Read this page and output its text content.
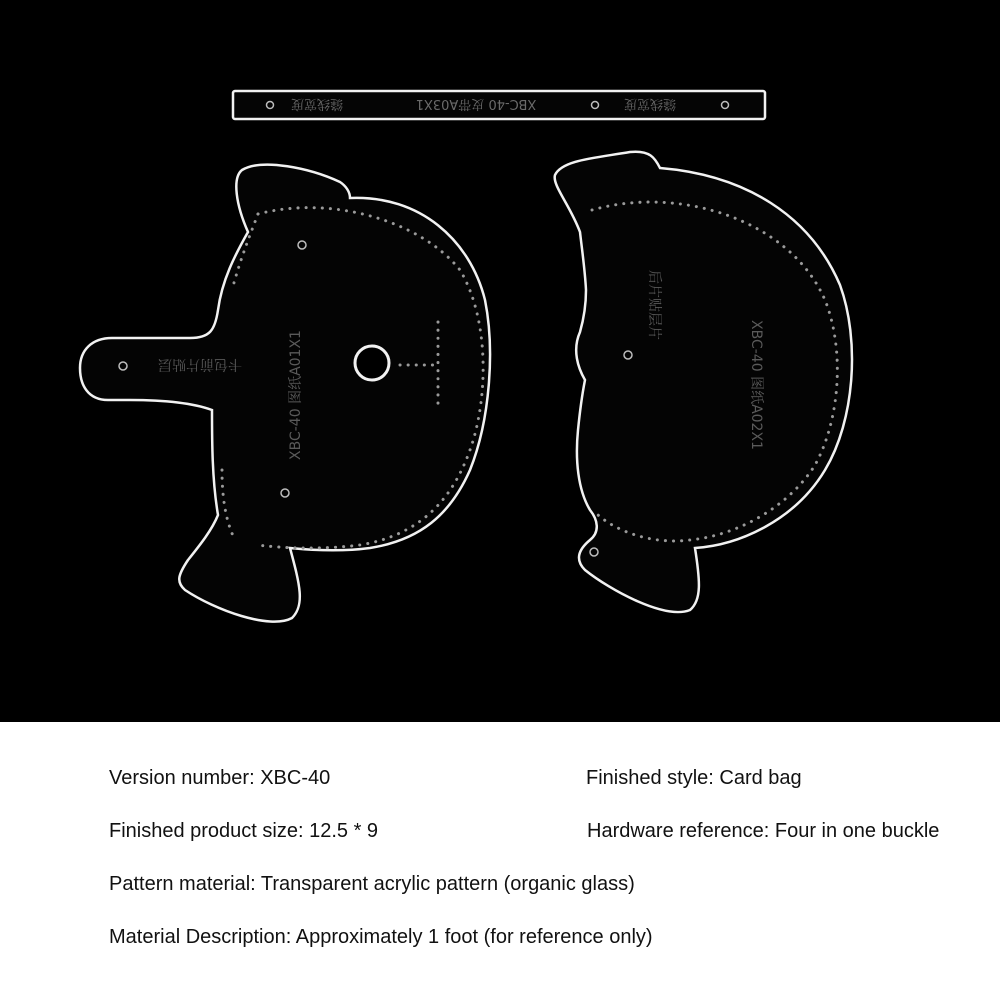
缝线宽度	XBC-40 皮带A03X1	缝线宽度
XBC-40 图纸A01X1
卡包前片贴层	XBC-40 图纸A02X1
后片贴层片
Version number: XBC-40	Finished style: Card bag
Finished product size: 12.5 * 9	Hardware reference: Four in one buckle
Pattern material: Transparent acrylic pattern (organic glass)
Material Description: Approximately 1 foot (for reference only)
